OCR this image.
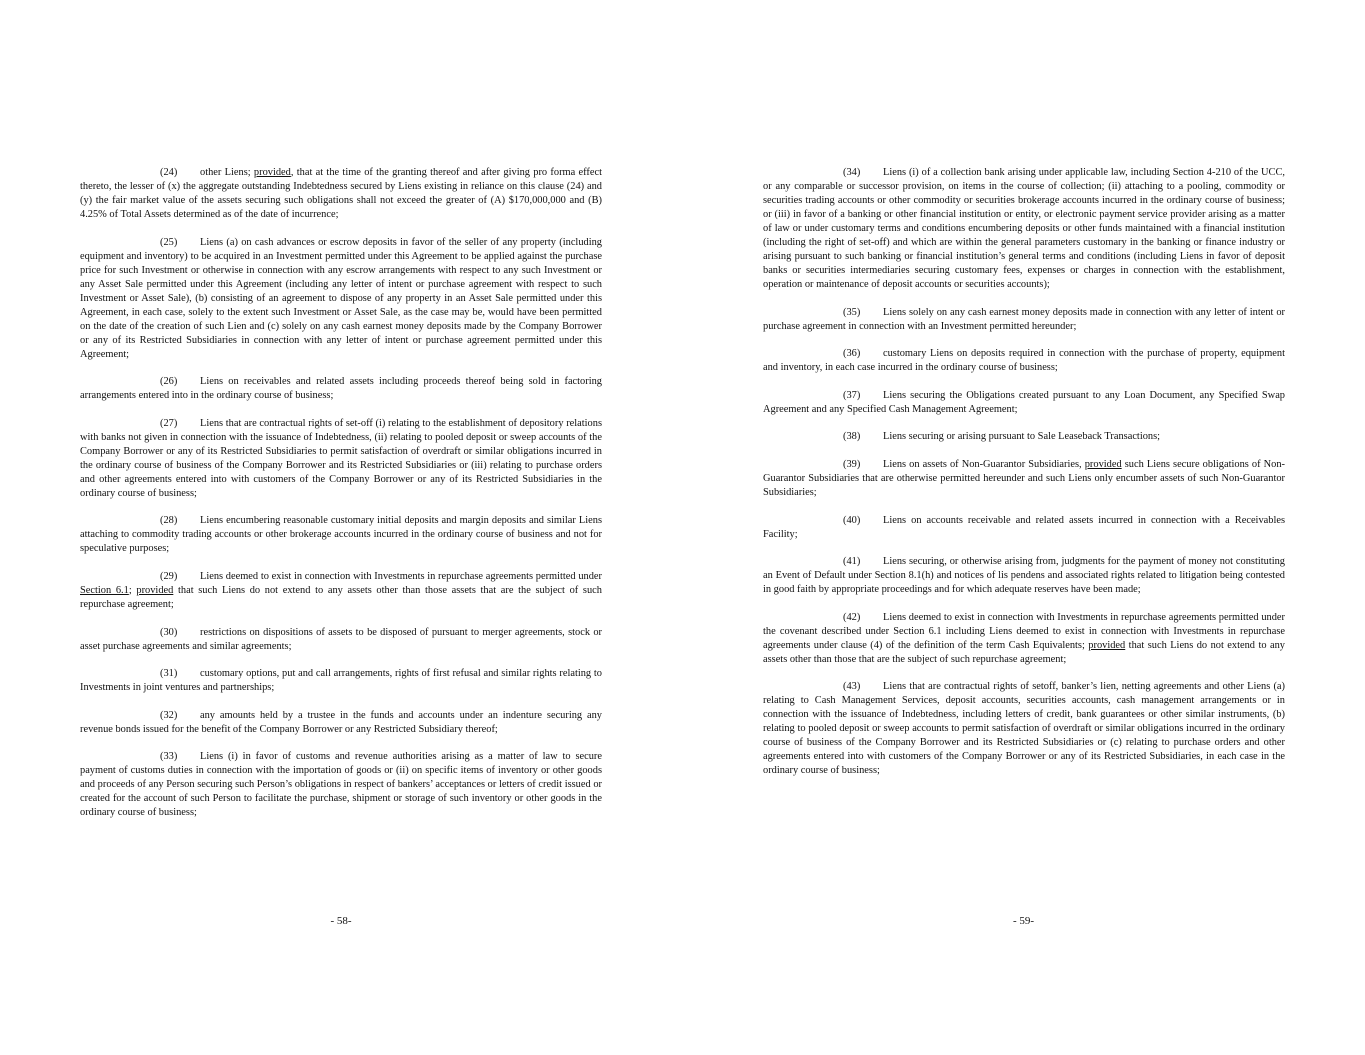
(24) other Liens; provided, that at the time of the granting thereof and after giving pro forma effect thereto, the lesser of (x) the aggregate outstanding Indebtedness secured by Liens existing in reliance on this clause (24) and (y) the fair market value of the assets securing such obligations shall not exceed the greater of (A) $170,000,000 and (B) 4.25% of Total Assets determined as of the date of incurrence;

(25) Liens (a) on cash advances or escrow deposits in favor of the seller of any property (including equipment and inventory) to be acquired in an Investment permitted under this Agreement to be applied against the purchase price for such Investment or otherwise in connection with any escrow arrangements with respect to any such Investment or any Asset Sale permitted under this Agreement (including any letter of intent or purchase agreement with respect to such Investment or Asset Sale), (b) consisting of an agreement to dispose of any property in an Asset Sale permitted under this Agreement, in each case, solely to the extent such Investment or Asset Sale, as the case may be, would have been permitted on the date of the creation of such Lien and (c) solely on any cash earnest money deposits made by the Company Borrower or any of its Restricted Subsidiaries in connection with any letter of intent or purchase agreement permitted under this Agreement;

(26) Liens on receivables and related assets including proceeds thereof being sold in factoring arrangements entered into in the ordinary course of business;

(27) Liens that are contractual rights of set-off (i) relating to the establishment of depository relations with banks not given in connection with the issuance of Indebtedness, (ii) relating to pooled deposit or sweep accounts of the Company Borrower or any of its Restricted Subsidiaries to permit satisfaction of overdraft or similar obligations incurred in the ordinary course of business of the Company Borrower and its Restricted Subsidiaries or (iii) relating to purchase orders and other agreements entered into with customers of the Company Borrower or any of its Restricted Subsidiaries in the ordinary course of business;

(28) Liens encumbering reasonable customary initial deposits and margin deposits and similar Liens attaching to commodity trading accounts or other brokerage accounts incurred in the ordinary course of business and not for speculative purposes;

(29) Liens deemed to exist in connection with Investments in repurchase agreements permitted under Section 6.1; provided that such Liens do not extend to any assets other than those assets that are the subject of such repurchase agreement;

(30) restrictions on dispositions of assets to be disposed of pursuant to merger agreements, stock or asset purchase agreements and similar agreements;

(31) customary options, put and call arrangements, rights of first refusal and similar rights relating to Investments in joint ventures and partnerships;

(32) any amounts held by a trustee in the funds and accounts under an indenture securing any revenue bonds issued for the benefit of the Company Borrower or any Restricted Subsidiary thereof;

(33) Liens (i) in favor of customs and revenue authorities arising as a matter of law to secure payment of customs duties in connection with the importation of goods or (ii) on specific items of inventory or other goods and proceeds of any Person securing such Person’s obligations in respect of bankers’ acceptances or letters of credit issued or created for the account of such Person to facilitate the purchase, shipment or storage of such inventory or other goods in the ordinary course of business;

- 58-

(34) Liens (i) of a collection bank arising under applicable law, including Section 4-210 of the UCC, or any comparable or successor provision, on items in the course of collection; (ii) attaching to a pooling, commodity or securities trading accounts or other commodity or securities brokerage accounts incurred in the ordinary course of business; or (iii) in favor of a banking or other financial institution or entity, or electronic payment service provider arising as a matter of law or under customary terms and conditions encumbering deposits or other funds maintained with a financial institution (including the right of set-off) and which are within the general parameters customary in the banking or finance industry or arising pursuant to such banking or financial institution’s general terms and conditions (including Liens in favor of deposit banks or securities intermediaries securing customary fees, expenses or charges in connection with the establishment, operation or maintenance of deposit accounts or securities accounts);

(35) Liens solely on any cash earnest money deposits made in connection with any letter of intent or purchase agreement in connection with an Investment permitted hereunder;

(36) customary Liens on deposits required in connection with the purchase of property, equipment and inventory, in each case incurred in the ordinary course of business;

(37) Liens securing the Obligations created pursuant to any Loan Document, any Specified Swap Agreement and any Specified Cash Management Agreement;

(38) Liens securing or arising pursuant to Sale Leaseback Transactions;

(39) Liens on assets of Non-Guarantor Subsidiaries, provided such Liens secure obligations of Non-Guarantor Subsidiaries that are otherwise permitted hereunder and such Liens only encumber assets of such Non-Guarantor Subsidiaries;

(40) Liens on accounts receivable and related assets incurred in connection with a Receivables Facility;

(41) Liens securing, or otherwise arising from, judgments for the payment of money not constituting an Event of Default under Section 8.1(h) and notices of lis pendens and associated rights related to litigation being contested in good faith by appropriate proceedings and for which adequate reserves have been made;

(42) Liens deemed to exist in connection with Investments in repurchase agreements permitted under the covenant described under Section 6.1 including Liens deemed to exist in connection with Investments in repurchase agreements under clause (4) of the definition of the term Cash Equivalents; provided that such Liens do not extend to any assets other than those that are the subject of such repurchase agreement;

(43) Liens that are contractual rights of setoff, banker’s lien, netting agreements and other Liens (a) relating to Cash Management Services, deposit accounts, securities accounts, cash management arrangements or in connection with the issuance of Indebtedness, including letters of credit, bank guarantees or other similar instruments, (b) relating to pooled deposit or sweep accounts to permit satisfaction of overdraft or similar obligations incurred in the ordinary course of business of the Company Borrower and its Restricted Subsidiaries or (c) relating to purchase orders and other agreements entered into with customers of the Company Borrower or any of its Restricted Subsidiaries, in each case in the ordinary course of business;

- 59-
